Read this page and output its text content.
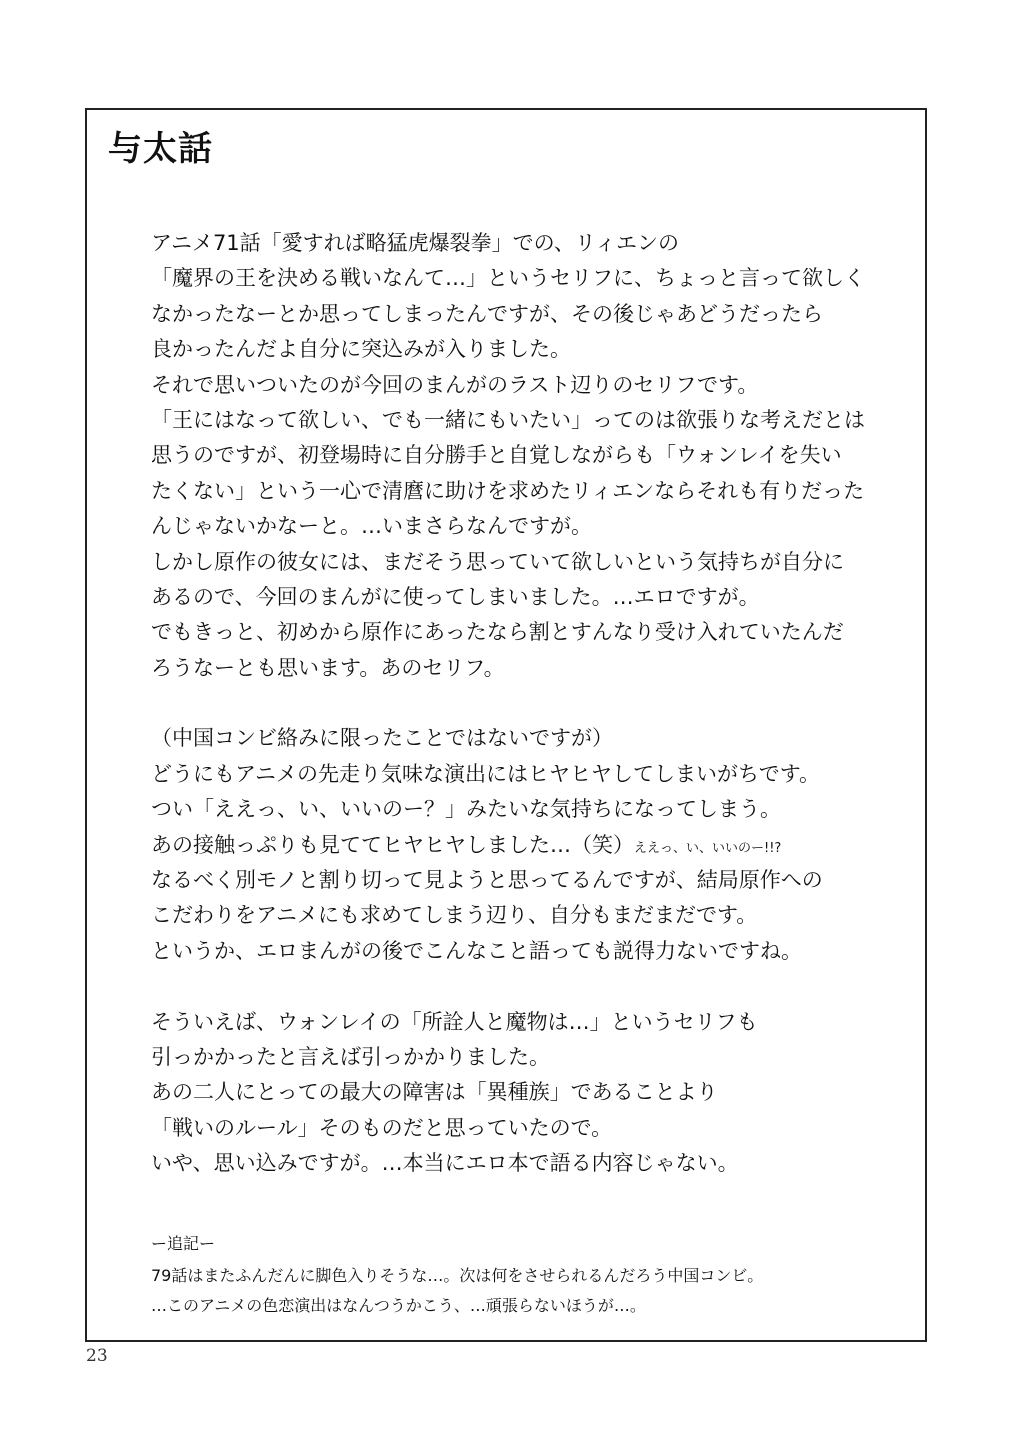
与太話
アニメ71話「愛すれば略猛虎爆裂拳」での、リィエンの
「魔界の王を決める戦いなんて…」というセリフに、ちょっと言って欲しく
なかったなーとか思ってしまったんですが、その後じゃあどうだったら
良かったんだよ自分に突込みが入りました。
それで思いついたのが今回のまんがのラスト辺りのセリフです。
「王にはなって欲しい、でも一緒にもいたい」ってのは欲張りな考えだとは
思うのですが、初登場時に自分勝手と自覚しながらも「ウォンレイを失い
たくない」という一心で清麿に助けを求めたリィエンならそれも有りだった
んじゃないかなーと。…いまさらなんですが。
しかし原作の彼女には、まだそう思っていて欲しいという気持ちが自分に
あるので、今回のまんがに使ってしまいました。…エロですが。
でもきっと、初めから原作にあったなら割とすんなり受け入れていたんだ
ろうなーとも思います。あのセリフ。
（中国コンビ絡みに限ったことではないですが）
どうにもアニメの先走り気味な演出にはヒヤヒヤしてしまいがちです。
つい「ええっ、い、いいのー？」みたいな気持ちになってしまう。
あの接触っぷりも見ててヒヤヒヤしました…（笑）ええっ、い、いいのー!!?
なるべく別モノと割り切って見ようと思ってるんですが、結局原作への
こだわりをアニメにも求めてしまう辺り、自分もまだまだです。
というか、エロまんがの後でこんなこと語っても説得力ないですね。
そういえば、ウォンレイの「所詮人と魔物は…」というセリフも
引っかかったと言えば引っかかりました。
あの二人にとっての最大の障害は「異種族」であることより
「戦いのルール」そのものだと思っていたので。
いや、思い込みですが。…本当にエロ本で語る内容じゃない。
ー追記ー
79話はまたふんだんに脚色入りそうな…。次は何をさせられるんだろう中国コンビ。
…このアニメの色恋演出はなんつうかこう、…頑張らないほうが…。
23
